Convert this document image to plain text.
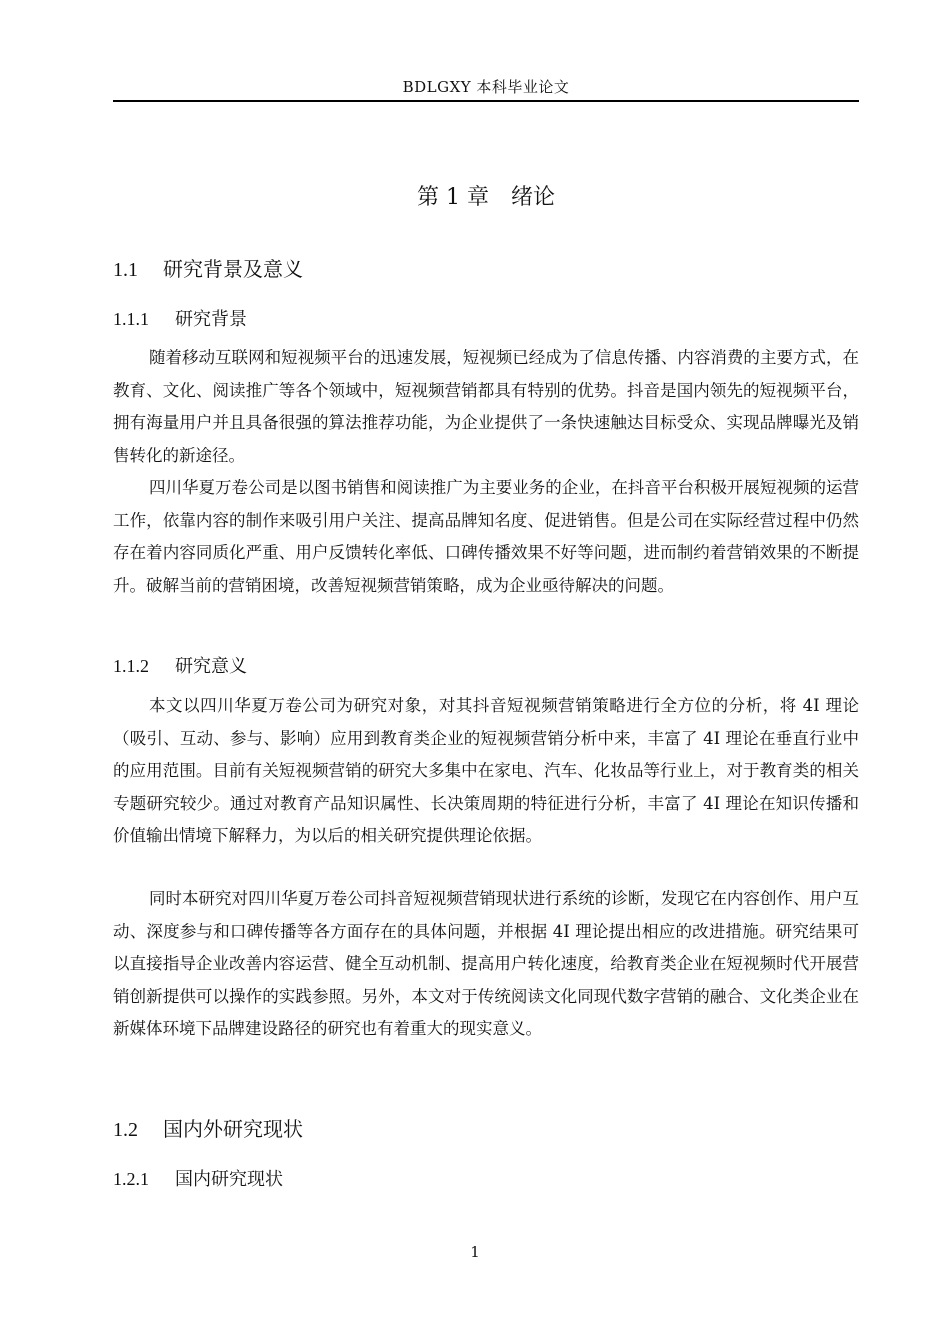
BDLGXY 本科毕业论文
第 1 章　绪论
1.1 研究背景及意义
1.1.1 研究背景

随着移动互联网和短视频平台的迅速发展，短视频已经成为了信息传播、内容消费的主要方式，在教育、文化、阅读推广等各个领域中，短视频营销都具有特别的优势。抖音是国内领先的短视频平台，拥有海量用户并且具备很强的算法推荐功能，为企业提供了一条快速触达目标受众、实现品牌曝光及销售转化的新途径。

四川华夏万卷公司是以图书销售和阅读推广为主要业务的企业，在抖音平台积极开展短视频的运营工作，依靠内容的制作来吸引用户关注、提高品牌知名度、促进销售。但是公司在实际经营过程中仍然存在着内容同质化严重、用户反馈转化率低、口碑传播效果不好等问题，进而制约着营销效果的不断提升。破解当前的营销困境，改善短视频营销策略，成为企业亟待解决的问题。

1.1.2 研究意义

本文以四川华夏万卷公司为研究对象，对其抖音短视频营销策略进行全方位的分析，将 4I 理论（吸引、互动、参与、影响）应用到教育类企业的短视频营销分析中来，丰富了 4I 理论在垂直行业中的应用范围。目前有关短视频营销的研究大多集中在家电、汽车、化妆品等行业上，对于教育类的相关专题研究较少。通过对教育产品知识属性、长决策周期的特征进行分析，丰富了 4I 理论在知识传播和价值输出情境下解释力，为以后的相关研究提供理论依据。

同时本研究对四川华夏万卷公司抖音短视频营销现状进行系统的诊断，发现它在内容创作、用户互动、深度参与和口碑传播等各方面存在的具体问题，并根据 4I 理论提出相应的改进措施。研究结果可以直接指导企业改善内容运营、健全互动机制、提高用户转化速度，给教育类企业在短视频时代开展营销创新提供可以操作的实践参照。另外，本文对于传统阅读文化同现代数字营销的融合、文化类企业在新媒体环境下品牌建设路径的研究也有着重大的现实意义。

1.2 国内外研究现状
1.2.1 国内研究现状
1
